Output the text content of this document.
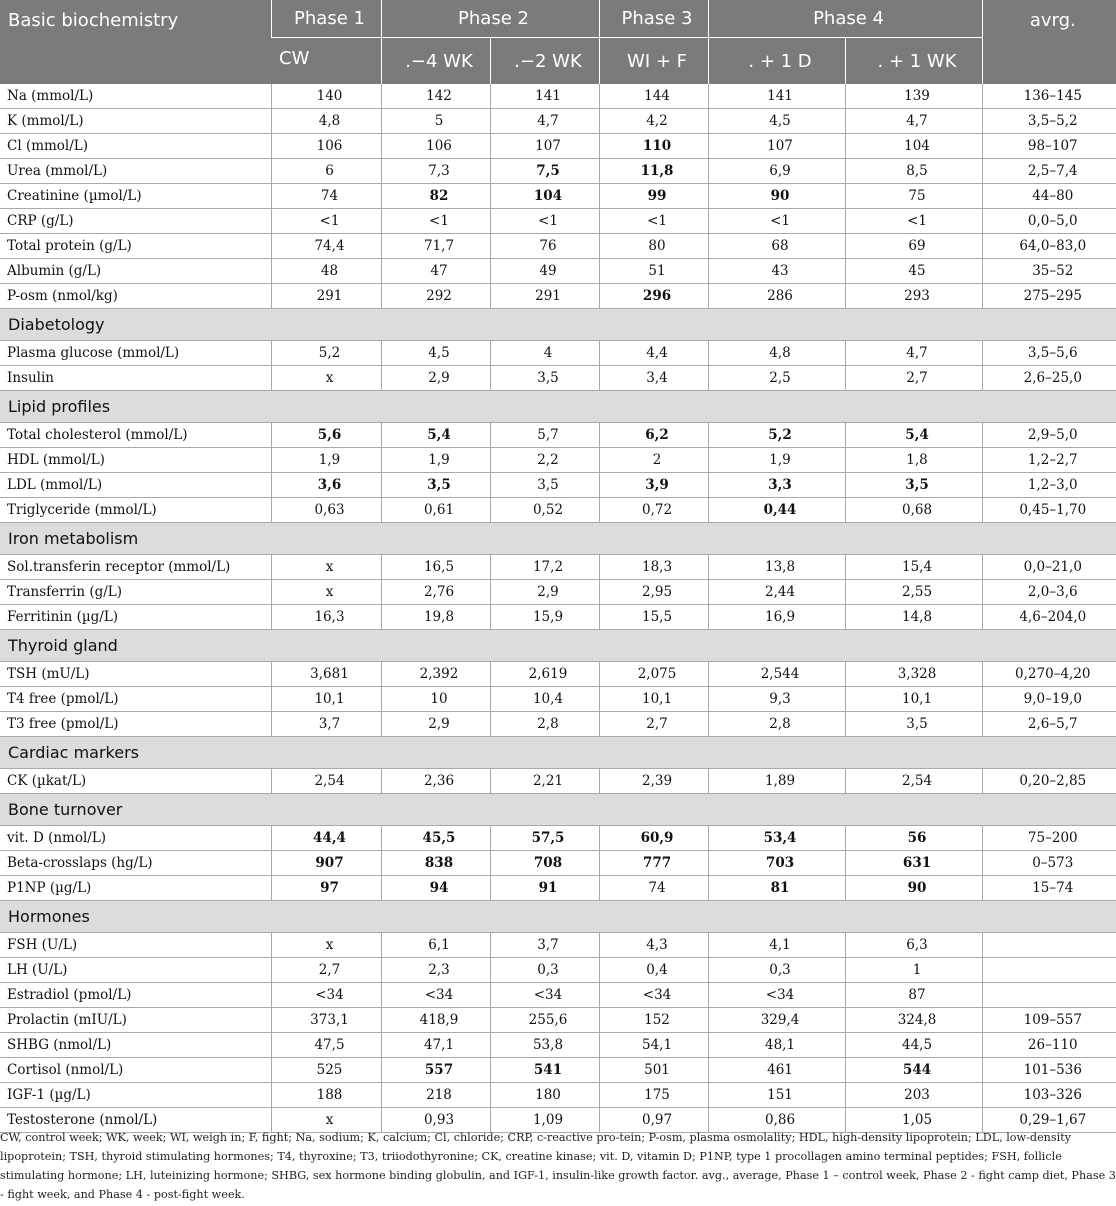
Basic biochemistry	Phase 1	Phase 2		Phase 3	Phase 4		avrg.
	CW	.−4 WK	.−2 WK	WI + F	. + 1 D	. + 1 WK	
Na (mmol/L)	140	142	141	144	141	139	136–145
K (mmol/L)	4,8	5	4,7	4,2	4,5	4,7	3,5–5,2
Cl (mmol/L)	106	106	107	110	107	104	98–107
Urea (mmol/L)	6	7,3	7,5	11,8	6,9	8,5	2,5–7,4
Creatinine (µmol/L)	74	82	104	99	90	75	44–80
CRP (g/L)	<1	<1	<1	<1	<1	<1	0,0–5,0
Total protein (g/L)	74,4	71,7	76	80	68	69	64,0–83,0
Albumin (g/L)	48	47	49	51	43	45	35–52
P-osm (nmol/kg)	291	292	291	296	286	293	275–295
Diabetology							
Plasma glucose (mmol/L)	5,2	4,5	4	4,4	4,8	4,7	3,5–5,6
Insulin	x	2,9	3,5	3,4	2,5	2,7	2,6–25,0
Lipid profiles							
Total cholesterol (mmol/L)	5,6	5,4	5,7	6,2	5,2	5,4	2,9–5,0
HDL (mmol/L)	1,9	1,9	2,2	2	1,9	1,8	1,2–2,7
LDL (mmol/L)	3,6	3,5	3,5	3,9	3,3	3,5	1,2–3,0
Triglyceride (mmol/L)	0,63	0,61	0,52	0,72	0,44	0,68	0,45–1,70
Iron metabolism							
Sol.transferin receptor (mmol/L)	x	16,5	17,2	18,3	13,8	15,4	0,0–21,0
Transferrin (g/L)	x	2,76	2,9	2,95	2,44	2,55	2,0–3,6
Ferritinin (µg/L)	16,3	19,8	15,9	15,5	16,9	14,8	4,6–204,0
Thyroid gland							
TSH (mU/L)	3,681	2,392	2,619	2,075	2,544	3,328	0,270–4,20
T4 free (pmol/L)	10,1	10	10,4	10,1	9,3	10,1	9,0–19,0
T3 free (pmol/L)	3,7	2,9	2,8	2,7	2,8	3,5	2,6–5,7
Cardiac markers							
CK (µkat/L)	2,54	2,36	2,21	2,39	1,89	2,54	0,20–2,85
Bone turnover							
vit. D (nmol/L)	44,4	45,5	57,5	60,9	53,4	56	75–200
Beta-crosslaps (hg/L)	907	838	708	777	703	631	0–573
P1NP (µg/L)	97	94	91	74	81	90	15–74
Hormones							
FSH (U/L)	x	6,1	3,7	4,3	4,1	6,3	
LH (U/L)	2,7	2,3	0,3	0,4	0,3	1	
Estradiol (pmol/L)	<34	<34	<34	<34	<34	87	
Prolactin (mIU/L)	373,1	418,9	255,6	152	329,4	324,8	109–557
SHBG (nmol/L)	47,5	47,1	53,8	54,1	48,1	44,5	26–110
Cortisol (nmol/L)	525	557	541	501	461	544	101–536
IGF-1 (µg/L)	188	218	180	175	151	203	103–326
Testosterone (nmol/L)	x	0,93	1,09	0,97	0,86	1,05	0,29–1,67
CW, control week; WK, week; WI, weigh in; F, fight; Na, sodium; K, calcium; Cl, chloride; CRP, c-reactive pro-tein; P-osm, plasma osmolality; HDL, high-density lipoprotein; LDL, low-density lipoprotein; TSH, thyroid stimulating hormones; T4, thyroxine; T3, triiodothyronine; CK, creatine kinase; vit. D, vitamin D; P1NP, type 1 procollagen amino terminal peptides; FSH, follicle stimulating hormone; LH, luteinizing hormone; SHBG, sex hormone binding globulin, and IGF-1, insulin-like growth factor. avg., average, Phase 1 – control week, Phase 2 - fight camp diet, Phase 3 - fight week, and Phase 4 - post-fight week.
